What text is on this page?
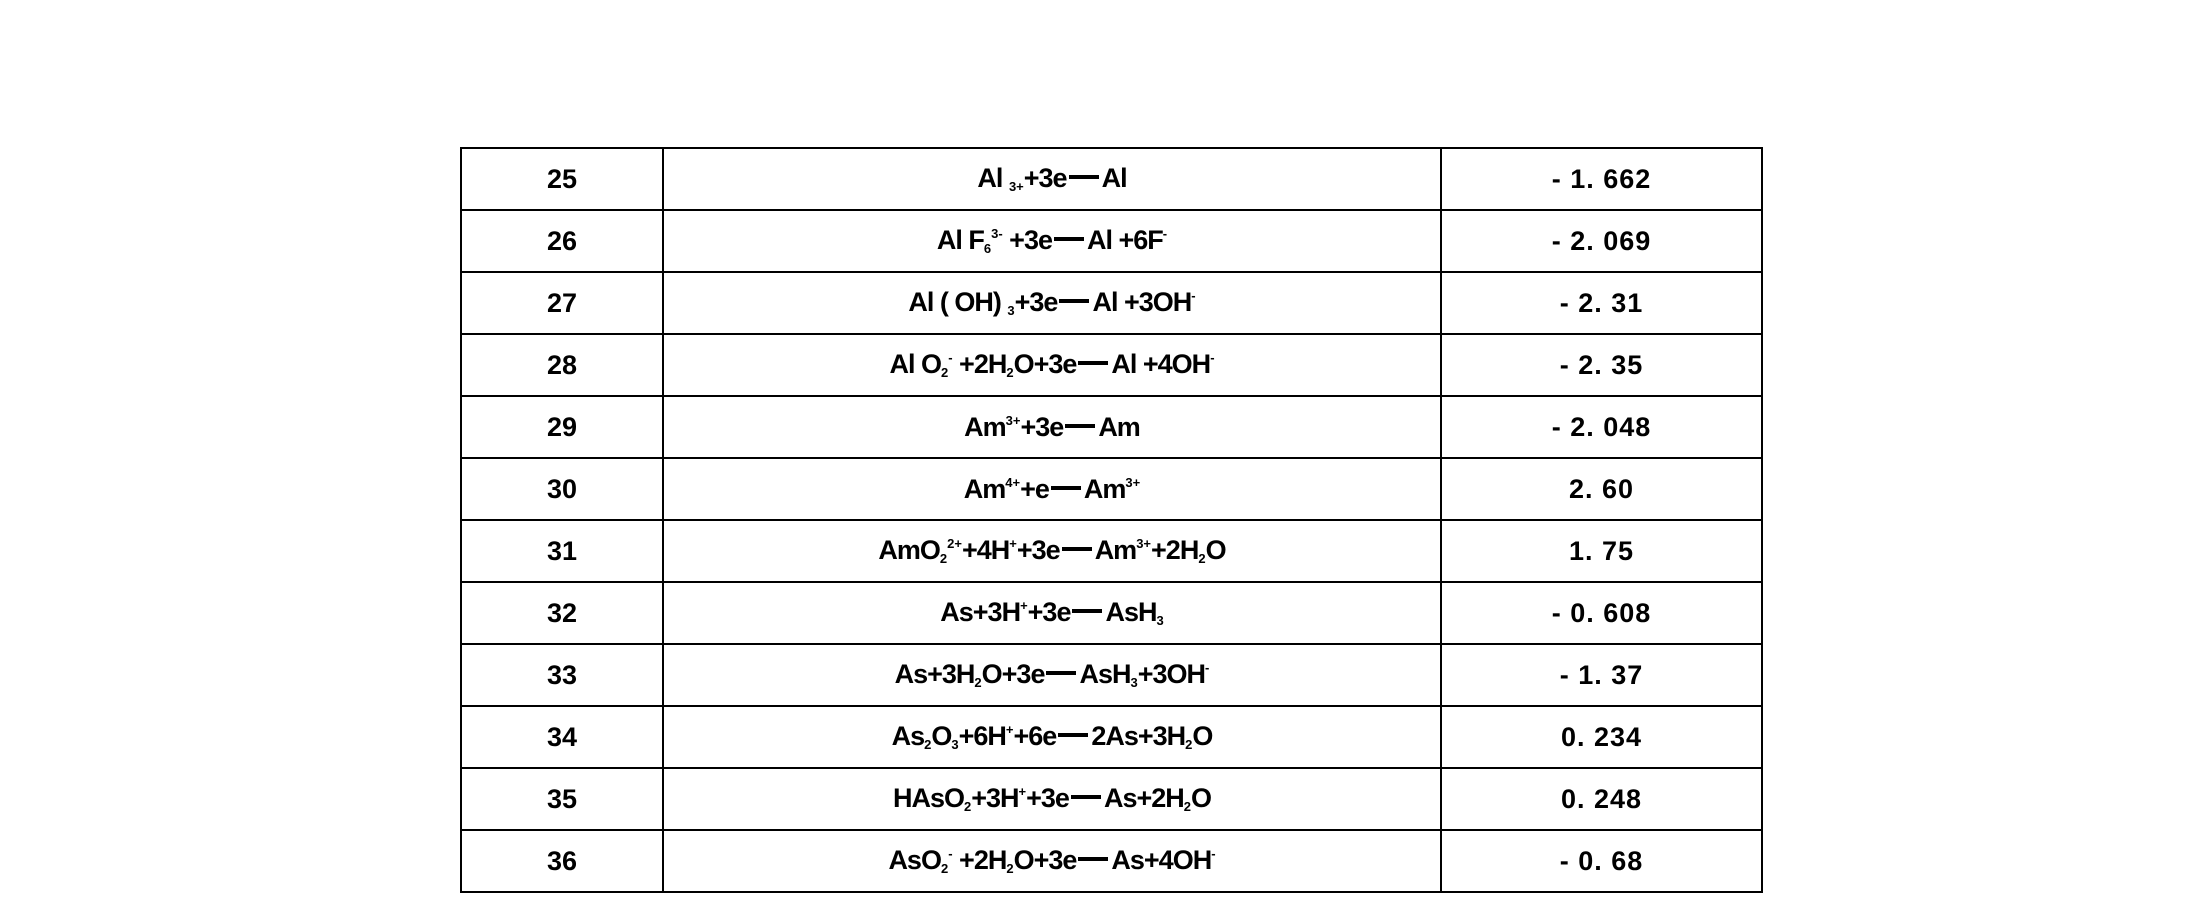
25	Al $_{3+}$+3e Al	- 1. 662
26	Al $F_6^{3-} +3e$ Al +6F-	- 2. 069
27	Al ( OH) $_3$+3e Al +3OH-	- 2. 31
28	Al $O_2^- +2H_2O+3e$ Al +4OH-	- 2. 35
29	$Am^{3+}+3e$ Am	- 2. 048
30	$Am^{4+}+e$ $Am^{3+}$	2. 60
31	AmO$_2^{2+}$+4H++3e $Am^{3+}+2H_2O$	1. 75
32	As+3H++3e AsH$_3$	- 0. 608
33	$As+3H_2O+3e$ AsH$_3$+3OH-	- 1. 37
34	$As_2O_3+6H^++6e$ $2As+3H_2O$	0. 234
35	HAsO$_2$+3H++3e $As+2H_2O$	0. 248
36	$AsO_2^- +2H_2O+3e$ As+4OH-	- 0. 68
